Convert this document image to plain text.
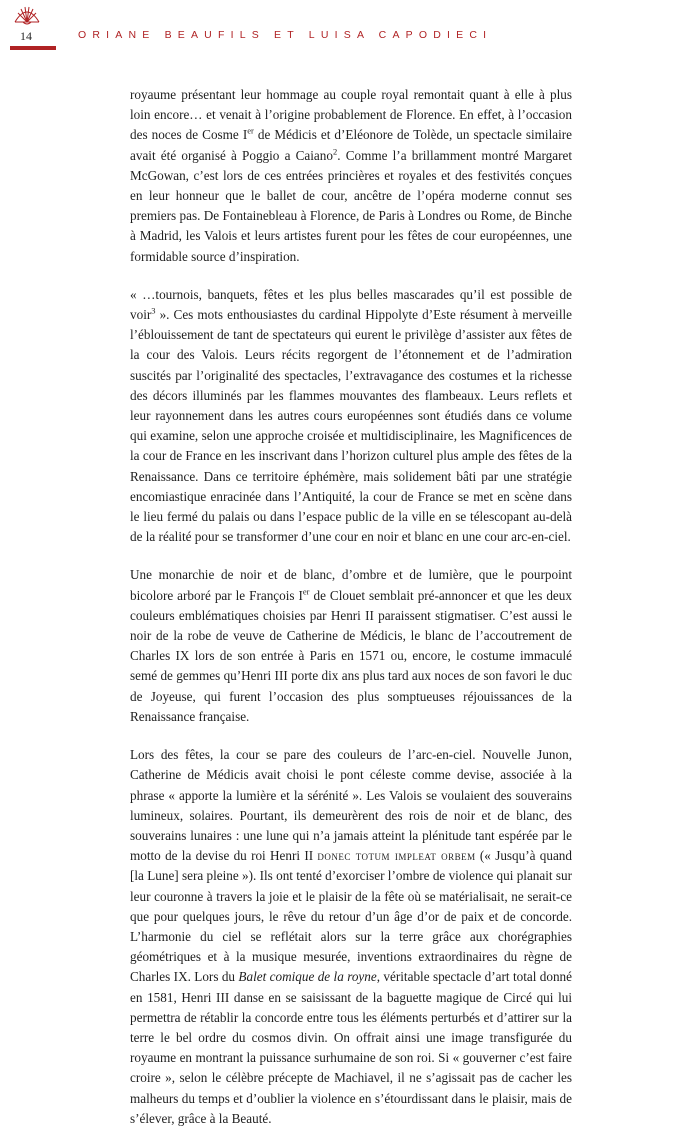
14	ORIANE BEAUFILS ET LUISA CAPODIECI

royaume présentant leur hommage au couple royal remontait quant à elle à plus loin encore… et venait à l’origine probablement de Florence. En effet, à l’occasion des noces de Cosme Ier de Médicis et d’Eléonore de Tolède, un spectacle similaire avait été organisé à Poggio a Caiano$^2$. Comme l’a brillamment montré Margaret McGowan, c’est lors de ces entrées princières et royales et des festivités conçues en leur honneur que le ballet de cour, ancêtre de l’opéra moderne connut ses premiers pas. De Fontainebleau à Florence, de Paris à Londres ou Rome, de Binche à Madrid, les Valois et leurs artistes furent pour les fêtes de cour européennes, une formidable source d’inspiration.

« …tournois, banquets, fêtes et les plus belles mascarades qu’il est possible de voir$^3$ ». Ces mots enthousiastes du cardinal Hippolyte d’Este résument à merveille l’éblouissement de tant de spectateurs qui eurent le privilège d’assister aux fêtes de la cour des Valois. Leurs récits regorgent de l’étonnement et de l’admiration suscités par l’originalité des spectacles, l’extravagance des costumes et la richesse des décors illuminés par les flammes mouvantes des flambeaux. Leurs reflets et leur rayonnement dans les autres cours européennes sont étudiés dans ce volume qui examine, selon une approche croisée et multidisciplinaire, les Magnificences de la cour de France en les inscrivant dans l’horizon culturel plus ample des fêtes de la Renaissance. Dans ce territoire éphémère, mais solidement bâti par une stratégie encomiastique enracinée dans l’Antiquité, la cour de France se met en scène dans le lieu fermé du palais ou dans l’espace public de la ville en se télescopant au-delà de la réalité pour se transformer d’une cour en noir et blanc en une cour arc-en-ciel.

Une monarchie de noir et de blanc, d’ombre et de lumière, que le pourpoint bicolore arboré par le François Ier de Clouet semblait pré-annoncer et que les deux couleurs emblématiques choisies par Henri II paraissent stigmatiser. C’est aussi le noir de la robe de veuve de Catherine de Médicis, le blanc de l’accoutrement de Charles IX lors de son entrée à Paris en 1571 ou, encore, le costume immaculé semé de gemmes qu’Henri III porte dix ans plus tard aux noces de son favori le duc de Joyeuse, qui furent l’occasion des plus somptueuses réjouissances de la Renaissance française.

Lors des fêtes, la cour se pare des couleurs de l’arc-en-ciel. Nouvelle Junon, Catherine de Médicis avait choisi le pont céleste comme devise, associée à la phrase « apporte la lumière et la sérénité ». Les Valois se voulaient des souverains lumineux, solaires. Pourtant, ils demeurèrent des rois de noir et de blanc, des souverains lunaires : une lune qui n’a jamais atteint la plénitude tant espérée par le motto de la devise du roi Henri II donec totum impleat orbem (« Jusqu’à quand [la Lune] sera pleine »). Ils ont tenté d’exorciser l’ombre de violence qui planait sur leur couronne à travers la joie et le plaisir de la fête où se matérialisait, ne serait-ce que pour quelques jours, le rêve du retour d’un âge d’or de paix et de concorde. L’harmonie du ciel se reflétait alors sur la terre grâce aux chorégraphies géométriques et à la musique mesurée, inventions extraordinaires du règne de Charles IX. Lors du Balet comique de la royne, véritable spectacle d’art total donné en 1581, Henri III danse en se saisissant de la baguette magique de Circé qui lui permettra de rétablir la concorde entre tous les éléments perturbés et d’attirer sur la terre le bel ordre du cosmos divin. On offrait ainsi une image transfigurée du royaume en montrant la puissance surhumaine de son roi. Si « gouverner c’est faire croire », selon le célèbre précepte de Machiavel, il ne s’agissait pas de cacher les malheurs du temps et d’oublier la violence en s’étourdissant dans le plaisir, mais de s’élever, grâce à la Beauté.
